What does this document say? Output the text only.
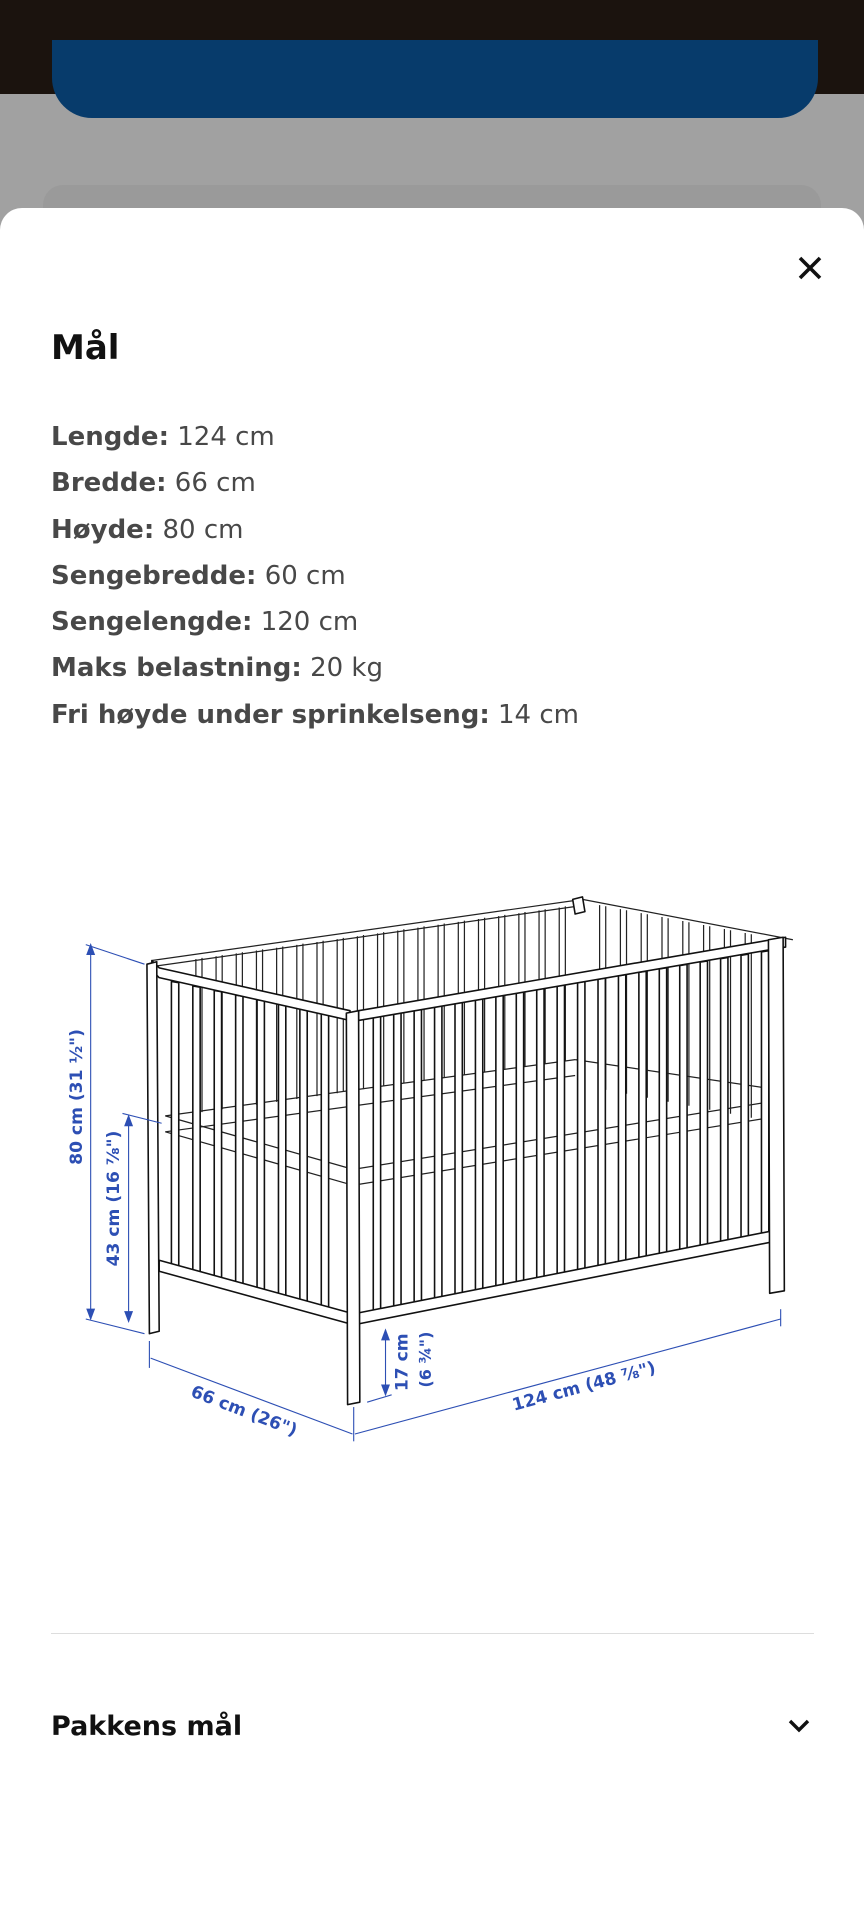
Mål
Lengde: 124 cm
Bredde: 66 cm
Høyde: 80 cm
Sengebredde: 60 cm
Sengelengde: 120 cm
Maks belastning: 20 kg
Fri høyde under sprinkelseng: 14 cm
80 cm (31 ½")
43 cm (16 ⅞")
66 cm (26")	124 cm (48 ⅞")
17 cm (6 ¾")
Pakkens mål
